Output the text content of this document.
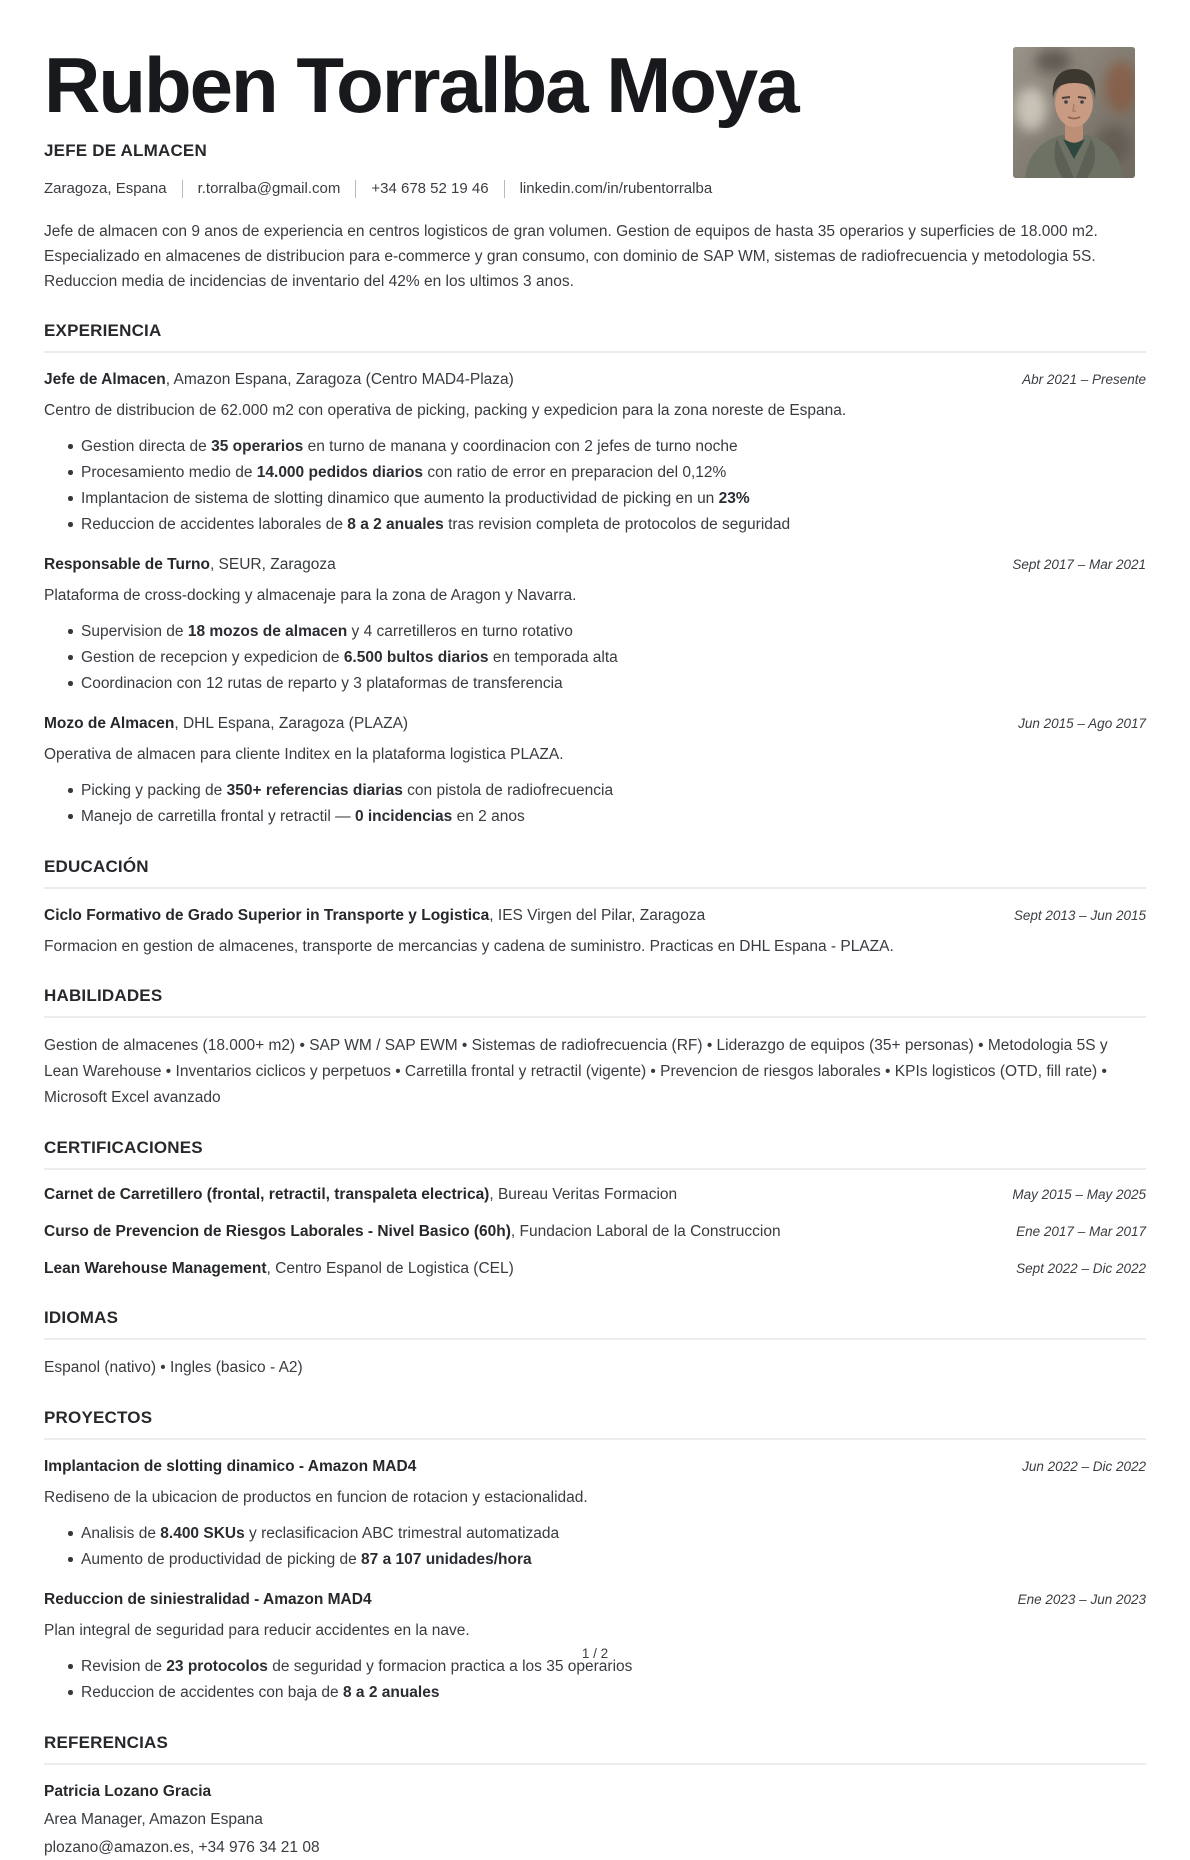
Ruben Torralba Moya
JEFE DE ALMACEN
Zaragoza, Espana r.torralba@gmail.com +34 678 52 19 46 linkedin.com/in/rubentorralba

Jefe de almacen con 9 anos de experiencia en centros logisticos de gran volumen. Gestion de equipos de hasta 35 operarios y superficies de 18.000 m2. Especializado en almacenes de distribucion para e-commerce y gran consumo, con dominio de SAP WM, sistemas de radiofrecuencia y metodologia 5S. Reduccion media de incidencias de inventario del 42% en los ultimos 3 anos.

EXPERIENCIA
Jefe de Almacen, Amazon Espana, Zaragoza (Centro MAD4-Plaza)	Abr 2021 – Presente
Centro de distribucion de 62.000 m2 con operativa de picking, packing y expedicion para la zona noreste de Espana.
Gestion directa de 35 operarios en turno de manana y coordinacion con 2 jefes de turno noche
Procesamiento medio de 14.000 pedidos diarios con ratio de error en preparacion del 0,12%
Implantacion de sistema de slotting dinamico que aumento la productividad de picking en un 23%
Reduccion de accidentes laborales de 8 a 2 anuales tras revision completa de protocolos de seguridad
Responsable de Turno, SEUR, Zaragoza	Sept 2017 – Mar 2021
Plataforma de cross-docking y almacenaje para la zona de Aragon y Navarra.
Supervision de 18 mozos de almacen y 4 carretilleros en turno rotativo
Gestion de recepcion y expedicion de 6.500 bultos diarios en temporada alta
Coordinacion con 12 rutas de reparto y 3 plataformas de transferencia
Mozo de Almacen, DHL Espana, Zaragoza (PLAZA)	Jun 2015 – Ago 2017
Operativa de almacen para cliente Inditex en la plataforma logistica PLAZA.
Picking y packing de 350+ referencias diarias con pistola de radiofrecuencia
Manejo de carretilla frontal y retractil — 0 incidencias en 2 anos
EDUCACIÓN
Ciclo Formativo de Grado Superior in Transporte y Logistica, IES Virgen del Pilar, Zaragoza	Sept 2013 – Jun 2015
Formacion en gestion de almacenes, transporte de mercancias y cadena de suministro. Practicas en DHL Espana - PLAZA.
HABILIDADES
Gestion de almacenes (18.000+ m2) • SAP WM / SAP EWM • Sistemas de radiofrecuencia (RF) • Liderazgo de equipos (35+ personas) • Metodologia 5S y Lean Warehouse • Inventarios ciclicos y perpetuos • Carretilla frontal y retractil (vigente) • Prevencion de riesgos laborales • KPIs logisticos (OTD, fill rate) • Microsoft Excel avanzado
CERTIFICACIONES
Carnet de Carretillero (frontal, retractil, transpaleta electrica), Bureau Veritas Formacion	May 2015 – May 2025
Curso de Prevencion de Riesgos Laborales - Nivel Basico (60h), Fundacion Laboral de la Construccion	Ene 2017 – Mar 2017
Lean Warehouse Management, Centro Espanol de Logistica (CEL)	Sept 2022 – Dic 2022
IDIOMAS
Espanol (nativo) • Ingles (basico - A2)
PROYECTOS
Implantacion de slotting dinamico - Amazon MAD4	Jun 2022 – Dic 2022
Rediseno de la ubicacion de productos en funcion de rotacion y estacionalidad.
Analisis de 8.400 SKUs y reclasificacion ABC trimestral automatizada
Aumento de productividad de picking de 87 a 107 unidades/hora
Reduccion de siniestralidad - Amazon MAD4	Ene 2023 – Jun 2023
Plan integral de seguridad para reducir accidentes en la nave.
Revision de 23 protocolos de seguridad y formacion practica a los 35 operarios
Reduccion de accidentes con baja de 8 a 2 anuales
REFERENCIAS
Patricia Lozano Gracia
Area Manager, Amazon Espana
plozano@amazon.es, +34 976 34 21 08
1 / 2
